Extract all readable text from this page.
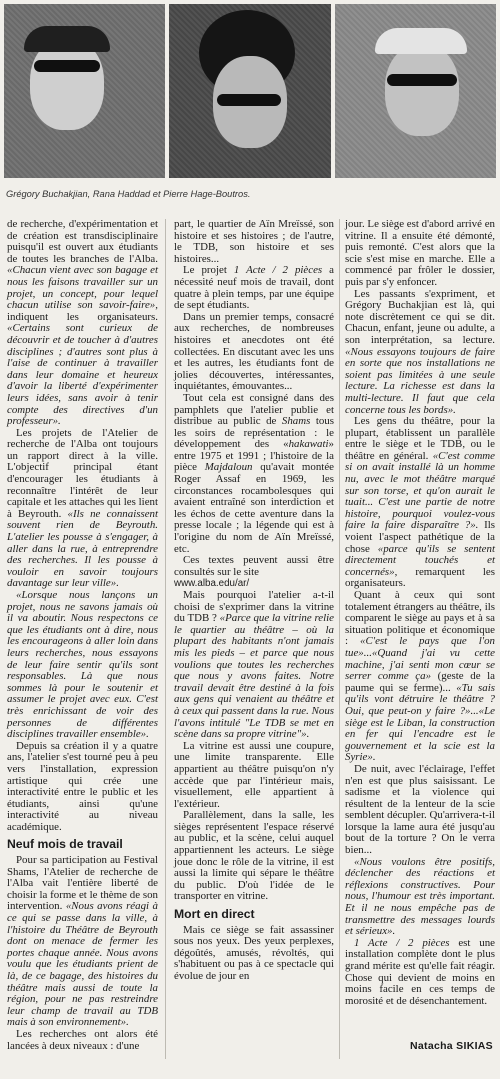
Grégory Buchakjian, Rana Haddad et Pierre Hage-Boutros.

de recherche, d'expérimentation et de création est transdisciplinaire puisqu'il est ouvert aux étudiants de toutes les branches de l'Alba. «Chacun vient avec son bagage et nous les faisons travailler sur un projet, un concept, pour lequel chacun utilise son savoir-faire», indiquent les organisateurs. «Certains sont curieux de découvrir et de toucher à d'autres disciplines ; d'autres sont plus à l'aise de continuer à travailler dans leur domaine et heureux d'avoir la liberté d'expérimenter leurs idées, sans avoir à tenir compte des directives d'un professeur».

Les projets de l'Atelier de recherche de l'Alba ont toujours un rapport direct à la ville. L'objectif principal étant d'encourager les étudiants à reconnaître l'intérêt de leur capitale et les attaches qui les lient à Beyrouth. «Ils ne connaissent souvent rien de Beyrouth. L'atelier les pousse à s'engager, à aller dans la rue, à entreprendre des recherches. Il les pousse à vouloir en savoir toujours davantage sur leur ville».

«Lorsque nous lançons un projet, nous ne savons jamais où il va aboutir. Nous respectons ce que les étudiants ont à dire, nous les encourageons à aller loin dans leurs recherches, nous essayons de leur faire sentir qu'ils sont responsables. Là que nous sommes là pour le soutenir et assumer le projet avec eux. C'est très enrichissant de voir des personnes de différentes disciplines travailler ensemble».

Depuis sa création il y a quatre ans, l'atelier s'est tourné peu à peu vers l'installation, expression artistique qui crée une interactivité entre le public et les étudiants, ainsi qu'une interactivité au niveau académique.

Neuf mois de travail

Pour sa participation au Festival Shams, l'Atelier de recherche de l'Alba vait l'entière liberté de choisir la forme et le thème de son intervention. «Nous avons réagi à ce qui se passe dans la ville, à l'histoire du Théâtre de Beyrouth dont on menace de fermer les portes chaque année. Nous avons voulu que les étudiants prient de là, de ce bagage, des histoires du théâtre mais aussi de toute la région, pour ne pas restreindre leur champ de travail au TDB mais à son environnement».

Les recherches ont alors été lancées à deux niveaux : d'une

part, le quartier de Aïn Mreïssé, son histoire et ses histoires ; de l'autre, le TDB, son histoire et ses histoires...

Le projet 1 Acte / 2 pièces a nécessité neuf mois de travail, dont quatre à plein temps, par une équipe de sept étudiants.

Dans un premier temps, consacré aux recherches, de nombreuses histoires et anecdotes ont été collectées. En discutant avec les uns et les autres, les étudiants font de jolies découvertes, intéressantes, inquiétantes, émouvantes...

Tout cela est consigné dans des pamphlets que l'atelier publie et distribue au public de Shams tous les soirs de représentation : le développement des «hakawati» entre 1975 et 1991 ; l'histoire de la pièce Majdaloun qu'avait montée Roger Assaf en 1969, les circonstances rocambolesques qui avaient entraîné son interdiction et les échos de cette aventure dans la presse locale ; la légende qui est à l'origine du nom de Aïn Mreïssé, etc.

Ces textes peuvent aussi être consultés sur le site

www.alba.edu/ar/

Mais pourquoi l'atelier a-t-il choisi de s'exprimer dans la vitrine du TDB ? «Parce que la vitrine relie le quartier au théâtre – où la plupart des habitants n'ont jamais mis les pieds – et parce que nous voulions que toutes les recherches que nous y avons faites. Notre travail devait être destiné à la fois aux gens qui venaient au théâtre et à ceux qui passent dans la rue. Nous l'avons intitulé "Le TDB se met en scène dans sa propre vitrine"».

La vitrine est aussi une coupure, une limite transparente. Elle appartient au théâtre puisqu'on n'y accède que par l'intérieur mais, visuellement, elle appartient à l'extérieur.

Parallèlement, dans la salle, les sièges représentent l'espace réservé au public, et la scène, celui auquel appartiennent les acteurs. Le siège joue donc le rôle de la vitrine, il est aussi la limite qui sépare le théâtre du public. D'où l'idée de le transporter en vitrine.

Mort en direct

Mais ce siège se fait assassiner sous nos yeux. Des yeux perplexes, dégoûtés, amusés, révoltés, qui s'habituent ou pas à ce spectacle qui évolue de jour en

jour. Le siège est d'abord arrivé en vitrine. Il a ensuite été démonté, puis remonté. C'est alors que la scie s'est mise en marche. Elle a commencé par frôler le dossier, puis par s'y enfoncer.

Les passants s'expriment, et Grégory Buchakjian est là, qui note discrètement ce qui se dit. Chacun, enfant, jeune ou adulte, a son interprétation, sa lecture. «Nous essayons toujours de faire en sorte que nos installations ne soient pas limitées à une seule lecture. La richesse est dans la multi-lecture. Il faut que cela concerne tous les bords».

Les gens du théâtre, pour la plupart, établissent un parallèle entre le siège et le TDB, ou le théâtre en général. «C'est comme si on avait installé là un homme nu, avec le mot théâtre marqué sur son torse, et qu'on aurait le tuait... C'est une partie de notre histoire, pourquoi voulez-vous faire la faire disparaître ?». Ils voient l'aspect pathétique de la chose «parce qu'ils se sentent directement touchés et concernés», remarquent les organisateurs.

Quant à ceux qui sont totalement étrangers au théâtre, ils comparent le siège au pays et à sa situation politique et économique : «C'est le pays que l'on tue»...«Quand j'ai vu cette machine, j'ai senti mon cœur se serrer comme ça» (geste de la paume qui se ferme)... «Tu sais qu'ils vont détruire le théâtre ? Oui, que peut-on y faire ?»...«Le siège est le Liban, la construction en fer qui l'encadre est le gouvernement et la scie est la Syrie».

De nuit, avec l'éclairage, l'effet n'en est que plus saisissant. Le sadisme et la violence qui résultent de la lenteur de la scie semblent décupler. Qu'arrivera-t-il lorsque la lame aura été jusqu'au bout de la torture ? On le verra bien...

«Nous voulons être positifs, déclencher des réactions et réflexions constructives. Pour nous, l'humour est très important. Et il ne nous empêche pas de transmettre des messages lourds et sérieux».

1 Acte / 2 pièces est une installation complète dont le plus grand mérite est qu'elle fait réagir. Chose qui devient de moins en moins facile en ces temps de morosité et de désenchantement.

Natacha SIKIAS
